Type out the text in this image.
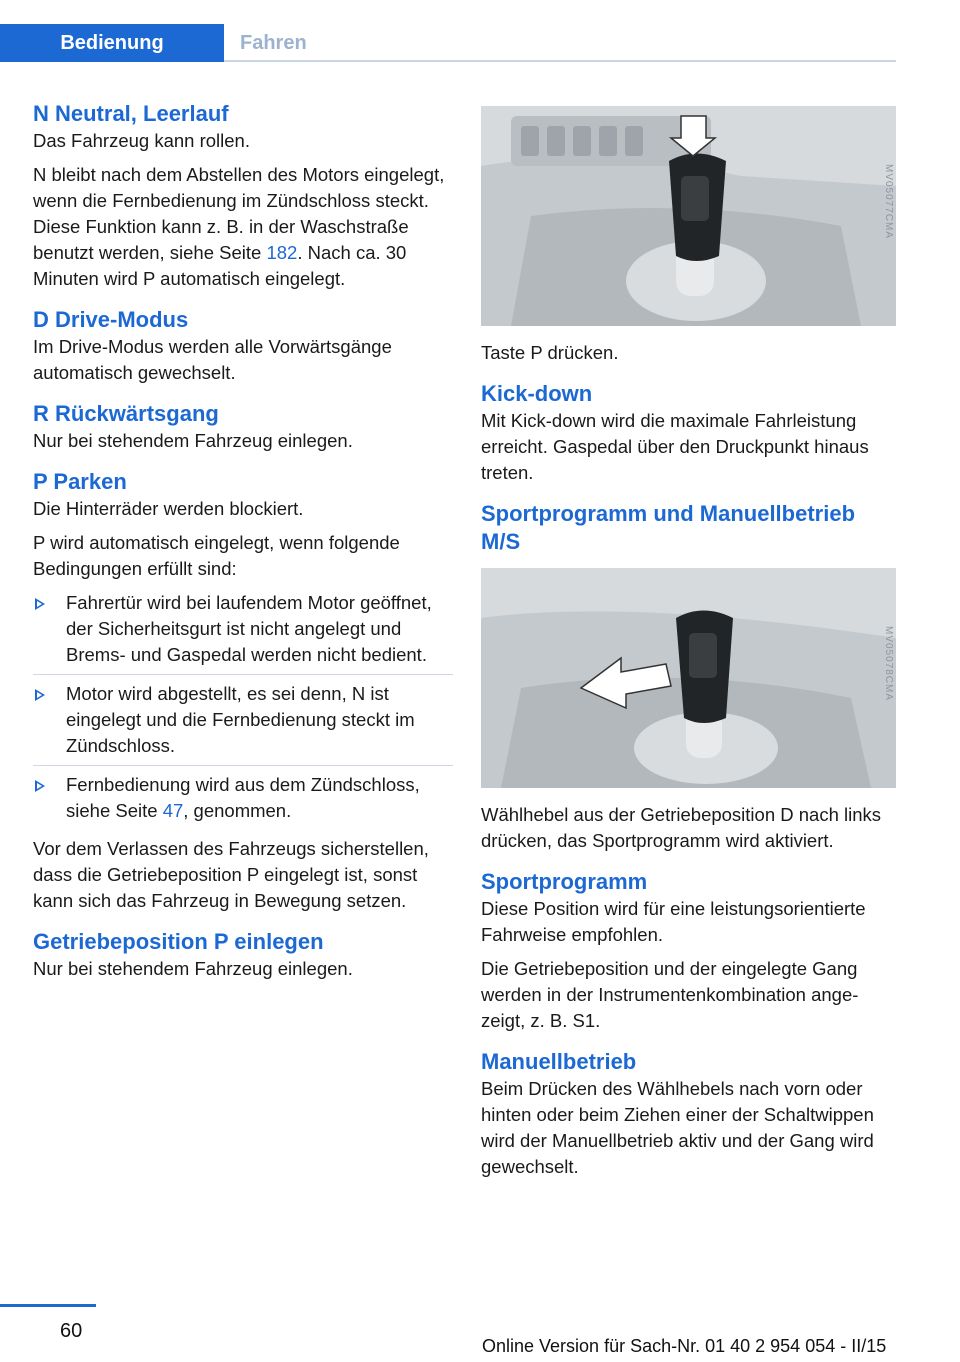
Bedienung	Fahren
N Neutral, Leerlauf

Das Fahrzeug kann rollen.

N bleibt nach dem Abstellen des Motors eingelegt, wenn die Fernbedienung im Zündschloss steckt. Diese Funktion kann z. B. in der Waschstraße benutzt werden, siehe Seite 182. Nach ca. 30 Minuten wird P automatisch eingelegt.

D Drive-Modus

Im Drive-Modus werden alle Vorwärtsgänge automatisch gewechselt.

R Rückwärtsgang

Nur bei stehendem Fahrzeug einlegen.

P Parken

Die Hinterräder werden blockiert.

P wird automatisch eingelegt, wenn folgende Bedingungen erfüllt sind:

Fahrertür wird bei laufendem Motor geöffnet, der Sicherheitsgurt ist nicht angelegt und Brems- und Gaspedal werden nicht bedient.
Motor wird abgestellt, es sei denn, N ist eingelegt und die Fernbedienung steckt im Zündschloss.
Fernbedienung wird aus dem Zündschloss, siehe Seite 47, genommen.

Vor dem Verlassen des Fahrzeugs sicherstellen, dass die Getriebeposition P eingelegt ist, sonst kann sich das Fahrzeug in Bewegung setzen.

Getriebeposition P einlegen

Nur bei stehendem Fahrzeug einlegen.

MV05077CMA

Taste P drücken.

Kick-down

Mit Kick-down wird die maximale Fahrleistung erreicht. Gaspedal über den Druckpunkt hinaus treten.

Sportprogramm und Manuellbetrieb M/S
MV05078CMA

Wählhebel aus der Getriebeposition D nach links drücken, das Sportprogramm wird aktiviert.

Sportprogramm

Diese Position wird für eine leistungsorientierte Fahrweise empfohlen.

Die Getriebeposition und der eingelegte Gang werden in der Instrumentenkombination angezeigt, z. B. S1.

Manuellbetrieb

Beim Drücken des Wählhebels nach vorn oder hinten oder beim Ziehen einer der Schaltwippen wird der Manuellbetrieb aktiv und der Gang wird gewechselt.

60
Online Version für Sach-Nr. 01 40 2 954 054 - II/15
